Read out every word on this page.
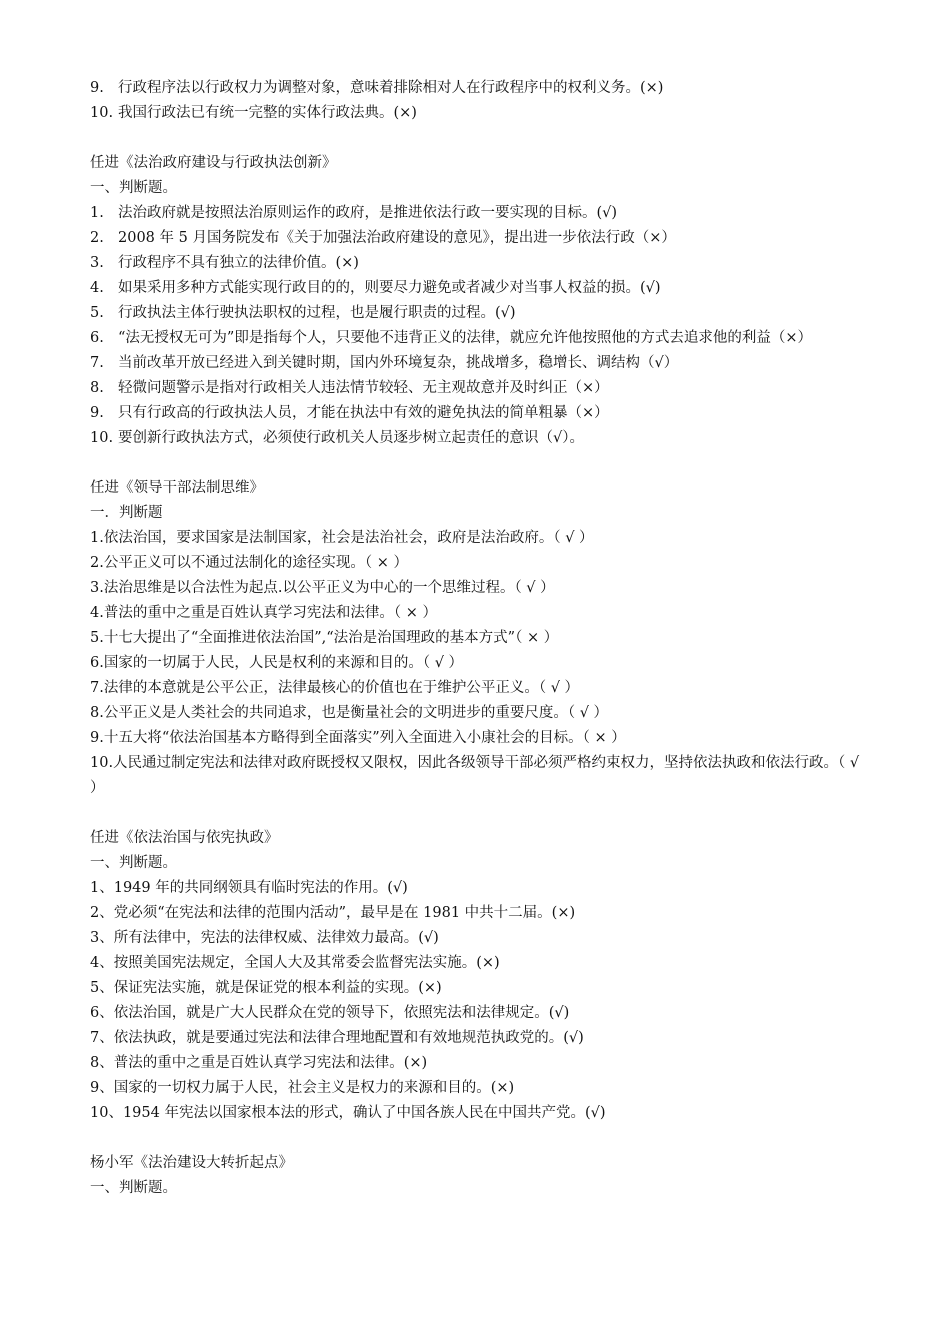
9. 行政程序法以行政权力为调整对象，意味着排除相对人在行政程序中的权利义务。(×)
10. 我国行政法已有统一完整的实体行政法典。(×)
任进《法治政府建设与行政执法创新》
一、判断题。
1. 法治政府就是按照法治原则运作的政府，是推进依法行政一要实现的目标。(√)
2. 2008 年 5 月国务院发布《关于加强法治政府建设的意见》，提出进一步依法行政（×）
3. 行政程序不具有独立的法律价值。(×)
4. 如果采用多种方式能实现行政目的的，则要尽力避免或者减少对当事人权益的损。(√)
5. 行政执法主体行驶执法职权的过程，也是履行职责的过程。(√)
6. “法无授权无可为”即是指每个人，只要他不违背正义的法律，就应允许他按照他的方式去追求他的利益（×）
7. 当前改革开放已经进入到关键时期，国内外环境复杂，挑战增多，稳增长、调结构（√）
8. 轻微问题警示是指对行政相关人违法情节较轻、无主观故意并及时纠正（×）
9. 只有行政高的行政执法人员，才能在执法中有效的避免执法的简单粗暴（×）
10. 要创新行政执法方式，必须使行政机关人员逐步树立起责任的意识（√）。
任进《领导干部法制思维》
一．判断题
1.依法治国，要求国家是法制国家，社会是法治社会，政府是法治政府。（ √ ）
2.公平正义可以不通过法制化的途径实现。（ × ）
3.法治思维是以合法性为起点.以公平正义为中心的一个思维过程。（ √ ）
4.普法的重中之重是百姓认真学习宪法和法律。（ × ）
5.十七大提出了“全面推进依法治国”,“法治是治国理政的基本方式”（ × ）
6.国家的一切属于人民，人民是权利的来源和目的。（ √ ）
7.法律的本意就是公平公正，法律最核心的价值也在于维护公平正义。（ √ ）
8.公平正义是人类社会的共同追求，也是衡量社会的文明进步的重要尺度。（ √ ）
9.十五大将“依法治国基本方略得到全面落实”列入全面进入小康社会的目标。（ × ）
10.人民通过制定宪法和法律对政府既授权又限权，因此各级领导干部必须严格约束权力，坚持依法执政和依法行政。（ √ ）
任进《依法治国与依宪执政》
一、判断题。
1、1949 年的共同纲领具有临时宪法的作用。(√)
2、党必须“在宪法和法律的范围内活动”，最早是在 1981 中共十二届。(×)
3、所有法律中，宪法的法律权威、法律效力最高。(√)
4、按照美国宪法规定，全国人大及其常委会监督宪法实施。(×)
5、保证宪法实施，就是保证党的根本利益的实现。(×)
6、依法治国，就是广大人民群众在党的领导下，依照宪法和法律规定。(√)
7、依法执政，就是要通过宪法和法律合理地配置和有效地规范执政党的。(√)
8、普法的重中之重是百姓认真学习宪法和法律。(×)
9、国家的一切权力属于人民，社会主义是权力的来源和目的。(×)
10、1954 年宪法以国家根本法的形式，确认了中国各族人民在中国共产党。(√)
杨小军《法治建设大转折起点》
一、判断题。
